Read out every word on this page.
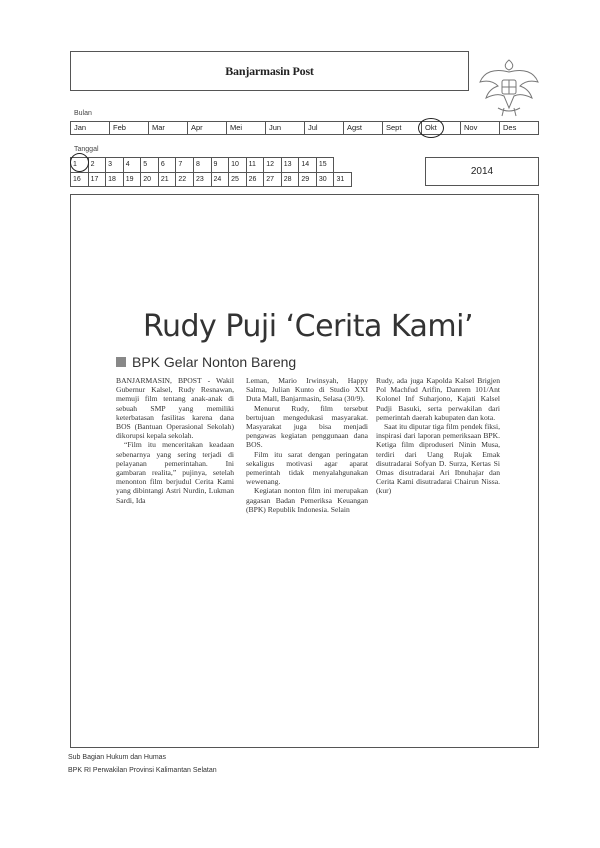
Banjarmasin Post
Bulan
Jan	Feb	Mar	Apr	Mei	Jun	Jul	Agst	Sept	Okt	Nov	Des
Tanggal
1	2	3	4	5	6	7	8	9	10	11	12	13	14	15	
16	17	18	19	20	21	22	23	24	25	26	27	28	29	30	31
2014
Rudy Puji ‘Cerita Kami’
BPK Gelar Nonton Bareng

BANJARMASIN, BPOST - Wakil Gubernur Kalsel, Rudy Resnawan, memuji film tentang anak-anak di sebuah SMP yang memiliki keterbatasan fasilitas karena dana BOS (Bantuan Operasional Sekolah) dikorupsi kepala sekolah.

“Film itu menceritakan keadaan sebenarnya yang sering terjadi di pelayanan pemerintahan. Ini gambaran realita,” pujinya, setelah menonton film berjudul Cerita Kami yang dibintangi Astri Nurdin, Lukman Sardi, Ida

Leman, Mario Irwinsyah, Happy Salma, Julian Kunto di Studio XXI Duta Mall, Banjarmasin, Selasa (30/9).

Menurut Rudy, film tersebut bertujuan mengedukasi masyarakat. Masyarakat juga bisa menjadi pengawas kegiatan penggunaan dana BOS.

Film itu sarat dengan peringatan sekaligus motivasi agar aparat pemerintah tidak menyalahgunakan wewenang.

Kegiatan nonton film ini merupakan gagasan Badan Pemeriksa Keuangan (BPK) Republik Indonesia. Selain

Rudy, ada juga Kapolda Kalsel Brigjen Pol Machfud Arifin, Danrem 101/Ant Kolonel Inf Suharjono, Kajati Kalsel Pudji Basuki, serta perwakilan dari pemerintah daerah kabupaten dan kota.

Saat itu diputar tiga film pendek fiksi, inspirasi dari laporan pemeriksaan BPK. Ketiga film diproduseri Ninin Musa, terdiri dari Uang Rujak Emak disutradarai Sofyan D. Surza, Kertas Si Omas disutradarai Ari Ibnuhajar dan Cerita Kami disutradarai Chairun Nissa. (kur)

Sub Bagian Hukum dan Humas
BPK RI Perwakilan Provinsi Kalimantan Selatan
